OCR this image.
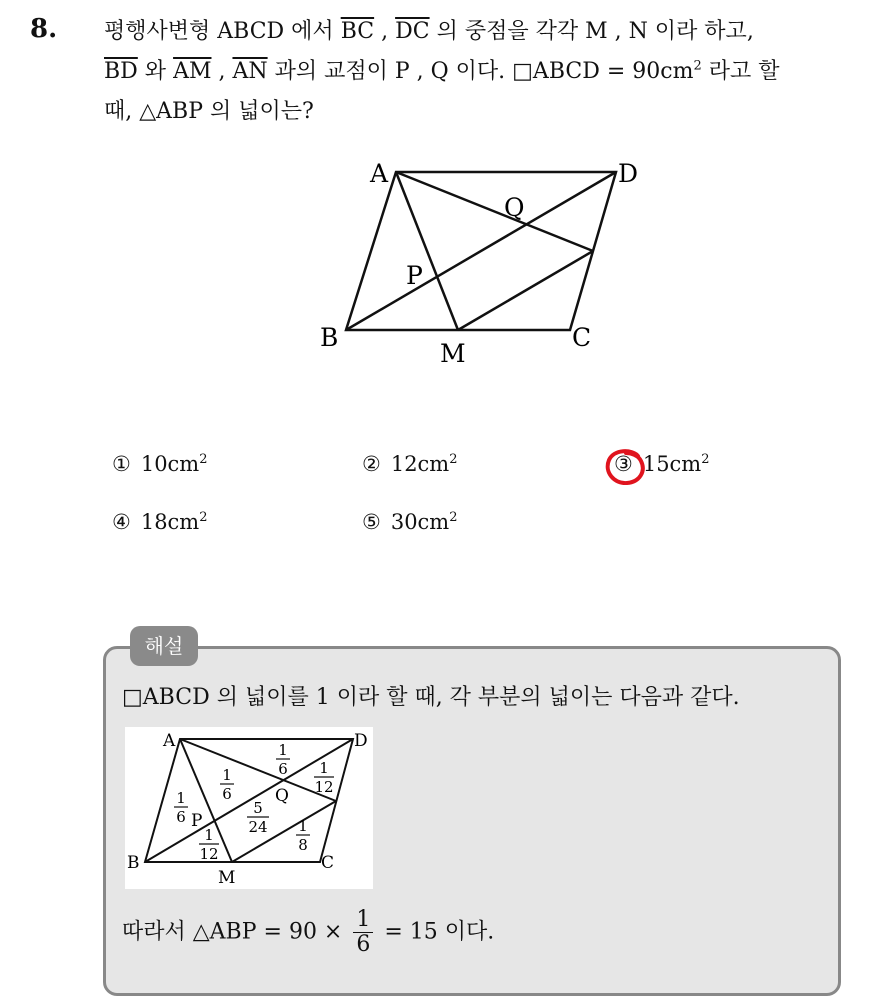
8. 평행사변형 ABCD 에서 $\overline{BC}$ , $\overline{DC}$ 의 중점을 각각 M , N 이라 하고,

$\overline{BD}$ 와 $\overline{AM}$ , $\overline{AN}$ 과의 교점이 P , Q 이다. □ABCD = $90cm^2$ 라고 할

때, △ABP 의 넓이는?

A	D
Q
P
B	C
M
① $10cm^2$	② $12cm^2$	③ $15cm^2$
④ $18cm^2$	⑤ $30cm^2$
해설
□ABCD 의 넓이를 1 이라 할 때, 각 부분의 넓이는 다음과 같다.
A	D
Q
P
B	C
M
1
6
1
6
1
12
1
6
5
24
1
12
1
8
따라서 △ABP = $90 \times \frac{1}{6} = 15$ 이다.
